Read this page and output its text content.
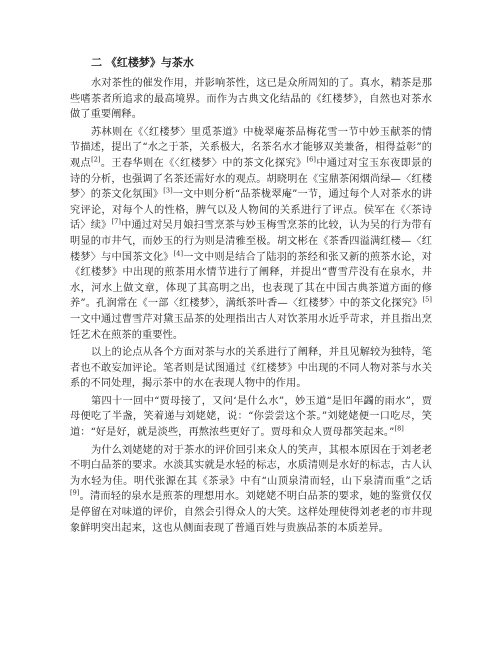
二 《红楼梦》与茶水

水对茶性的催发作用，并影响茶性，这已是众所周知的了。真水，精茶是那些嗜茶者所追求的最高境界。而作为古典文化结晶的《红楼梦》，自然也对茶水做了重要阐释。

苏林则在《〈红楼梦〉里觅茶道》中栊翠庵茶品梅花雪一节中妙玉献茶的情节描述，提出了“水之于茶，关系极大，名茶名水才能够双美兼备，相得益彰”的观点[2]。王春华则在《〈红楼梦〉中的茶文化探究》[6]中通过对宝玉东夜即景的诗的分析，也强调了名茶还需好水的观点。胡晓明在《宝鼎茶闲烟尚绿—〈红楼梦〉的茶文化氛围》[3]一文中则分析“品茶栊翠庵”一节，通过每个人对茶水的讲究评论，对每个人的性格，脾气以及人物间的关系进行了评点。侯军在《〈茶诗话〉续》[7]中通过对吴月娘扫雪烹茶与妙玉梅雪烹茶的比较，认为吴的行为带有明显的市井气，而妙玉的行为则是清雅至极。胡文彬在《茶香四溢满红楼—〈红楼梦〉与中国茶文化》[4]一文中则是结合了陆羽的茶经和张又新的煎茶水论，对《红楼梦》中出现的煎茶用水情节进行了阐释，并提出“曹雪芹没有在泉水，井水，河水上做文章，体现了其高明之出，也表现了其在中国古典茶道方面的修养”。孔润常在《一部〈红楼梦〉，满纸茶叶香—〈红楼梦〉中的茶文化探究》[5]一文中通过曹雪芹对黛玉品茶的处理指出古人对饮茶用水近乎苛求，并且指出烹饪艺术在煎茶的重要性。

以上的论点从各个方面对茶与水的关系进行了阐释，并且见解较为独特，笔者也不敢妄加评论。笔者则是试图通过《红楼梦》中出现的不同人物对茶与水关系的不同处理，揭示茶中的水在表现人物中的作用。

第四十一回中“贾母接了，又问‘是什么水”，妙玉道“是旧年蠲的雨水”，贾母便吃了半盏，笑着递与刘姥姥，说：“你尝尝这个茶。”刘姥姥便一口吃尽，笑道：“好是好，就是淡些，再熬浓些更好了。贾母和众人贾母都笑起来。”[8]

为什么刘姥姥的对于茶水的评价回引来众人的笑声，其根本原因在于刘老老不明白品茶的要求。水淡其实就是水轻的标志，水质清则是水好的标志，古人认为水轻为佳。明代张源在其《茶录》中有“山顶泉清而轻，山下泉清而重”之话[9]。清而轻的泉水是煎茶的理想用水。刘姥姥不明白品茶的要求，她的鉴赏仅仅是停留在对味道的评价，自然会引得众人的大笑。这样处理使得刘老老的市井现象鲜明突出起来，这也从侧面表现了普通百姓与贵族品茶的本质差异。
